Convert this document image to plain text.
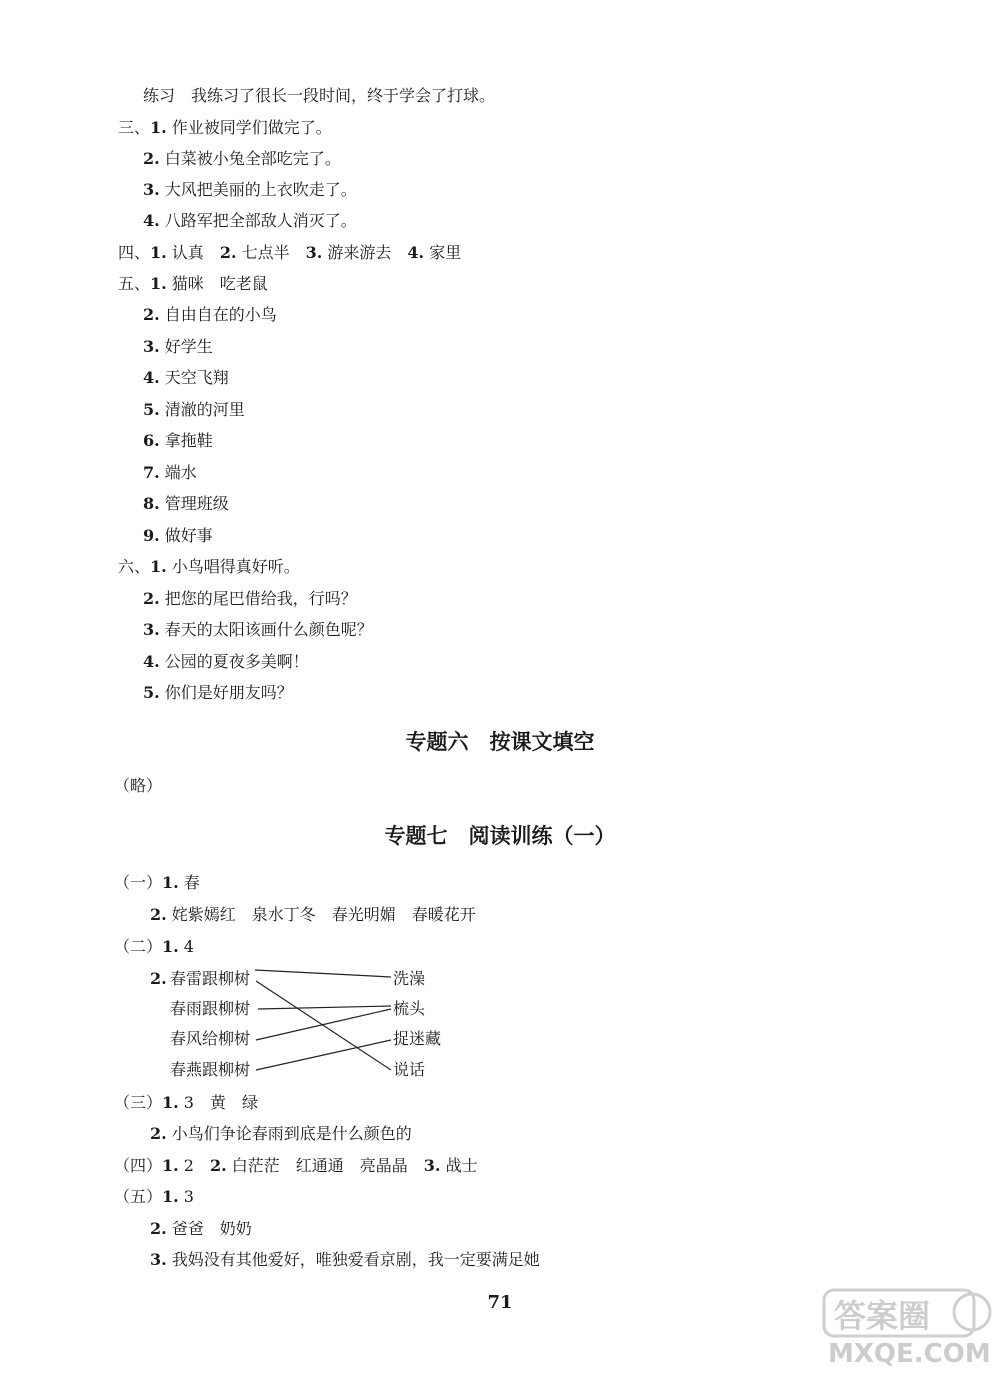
练习　我练习了很长一段时间，终于学会了打球。
三、1. 作业被同学们做完了。
2. 白菜被小兔全部吃完了。
3. 大风把美丽的上衣吹走了。
4. 八路军把全部敌人消灭了。
四、1. 认真　2. 七点半　3. 游来游去　4. 家里
五、1. 猫咪　吃老鼠
2. 自由自在的小鸟
3. 好学生
4. 天空飞翔
5. 清澈的河里
6. 拿拖鞋
7. 端水
8. 管理班级
9. 做好事
六、1. 小鸟唱得真好听。
2. 把您的尾巴借给我，行吗？
3. 春天的太阳该画什么颜色呢？
4. 公园的夏夜多美啊！
5. 你们是好朋友吗？
专题六　按课文填空
（略）
专题七　阅读训练（一）
（一）1. 春
2. 姹紫嫣红　泉水丁冬　春光明媚　春暖花开
（二）1. 4
2. 春雷跟柳树
春雨跟柳树
春风给柳树
春燕跟柳树
洗澡
梳头
捉迷藏
说话
（三）1. 3　黄　绿
2. 小鸟们争论春雨到底是什么颜色的
（四）1. 2　2. 白茫茫　红通通　亮晶晶　3. 战士
（五）1. 3
2. 爸爸　奶奶
3. 我妈没有其他爱好，唯独爱看京剧，我一定要满足她
71	答案圈
MXQE.COM
